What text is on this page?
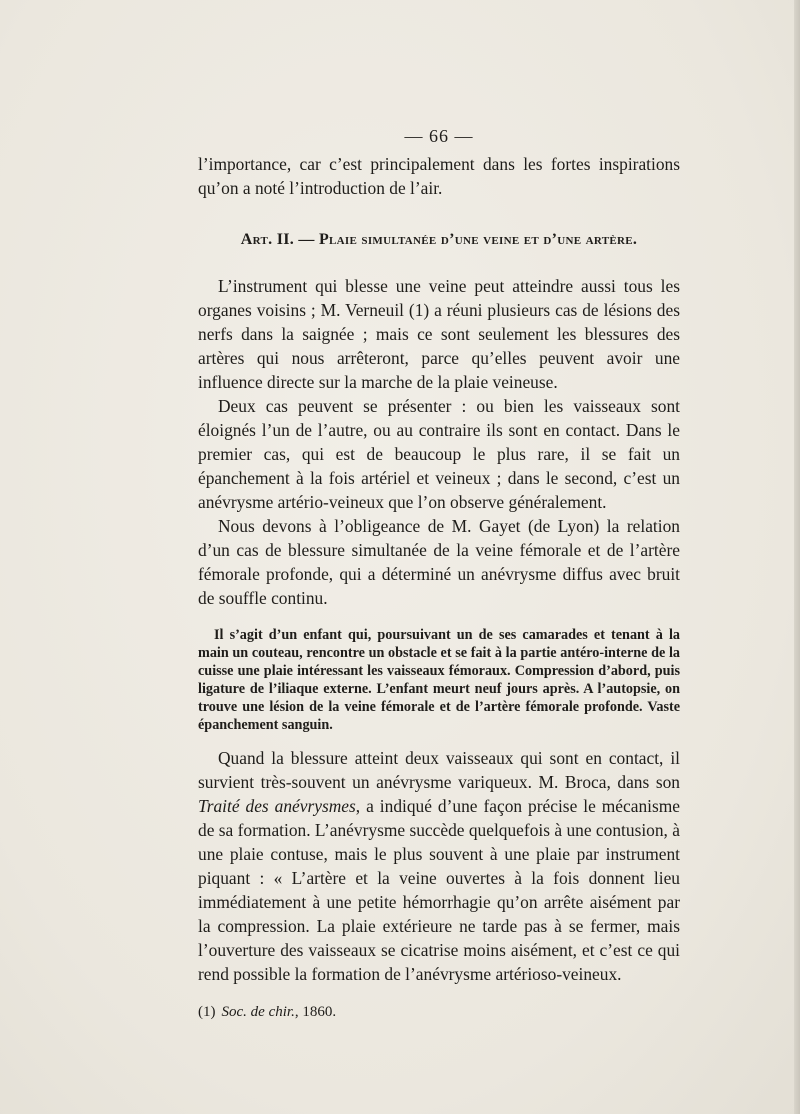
— 66 —

l’importance, car c’est principalement dans les fortes inspirations qu’on a noté l’introduction de l’air.

Art. II. — Plaie simultanée d’une veine et d’une artère.

L’instrument qui blesse une veine peut atteindre aussi tous les organes voisins ; M. Verneuil (1) a réuni plusieurs cas de lésions des nerfs dans la saignée ; mais ce sont seulement les blessures des artères qui nous arrêteront, parce qu’elles peuvent avoir une influence directe sur la marche de la plaie veineuse.

Deux cas peuvent se présenter : ou bien les vaisseaux sont éloignés l’un de l’autre, ou au contraire ils sont en contact. Dans le premier cas, qui est de beaucoup le plus rare, il se fait un épanchement à la fois artériel et veineux ; dans le second, c’est un anévrysme artério-veineux que l’on observe généralement.

Nous devons à l’obligeance de M. Gayet (de Lyon) la relation d’un cas de blessure simultanée de la veine fémorale et de l’artère fémorale profonde, qui a déterminé un anévrysme diffus avec bruit de souffle continu.

Il s’agit d’un enfant qui, poursuivant un de ses camarades et tenant à la main un couteau, rencontre un obstacle et se fait à la partie antéro-interne de la cuisse une plaie intéressant les vaisseaux fémoraux. Compression d’abord, puis ligature de l’iliaque externe. L’enfant meurt neuf jours après. A l’autopsie, on trouve une lésion de la veine fémorale et de l’artère fémorale profonde. Vaste épanchement sanguin.

Quand la blessure atteint deux vaisseaux qui sont en contact, il survient très-souvent un anévrysme variqueux. M. Broca, dans son Traité des anévrysmes, a indiqué d’une façon précise le mécanisme de sa formation. L’anévrysme succède quelquefois à une contusion, à une plaie contuse, mais le plus souvent à une plaie par instrument piquant : « L’artère et la veine ouvertes à la fois donnent lieu immédiatement à une petite hémorrhagie qu’on arrête aisément par la compression. La plaie extérieure ne tarde pas à se fermer, mais l’ouverture des vaisseaux se cicatrise moins aisément, et c’est ce qui rend possible la formation de l’anévrysme artérioso-veineux.

(1) Soc. de chir., 1860.
